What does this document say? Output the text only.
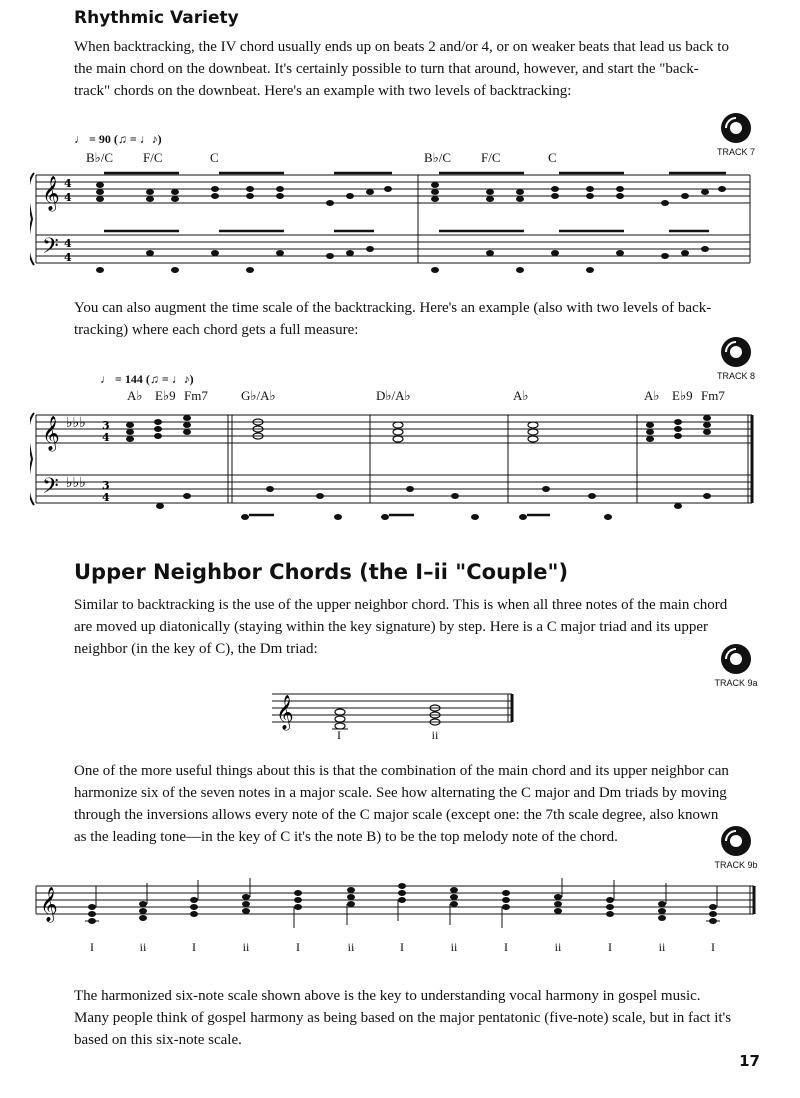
Rhythmic Variety

When backtracking, the IV chord usually ends up on beats 2 and/or 4, or on weaker beats that lead us back to the main chord on the downbeat. It's certainly possible to turn that around, however, and start the "back-track" chords on the downbeat. Here's an example with two levels of backtracking:

TRACK 7
♩ = 90 (♫ = ♩♪)
B♭/C F/C	C	B♭/C F/C	C
𝄞
𝄢
4
4
4
4

You can also augment the time scale of the backtracking. Here's an example (also with two levels of back-tracking) where each chord gets a full measure:

TRACK 8
♩ = 144 (♫ = ♩♪)
A♭ E♭9 Fm7	G♭/A♭	D♭/A♭	A♭	A♭ E♭9 Fm7
𝄞
𝄢
♭♭♭
♭♭♭
3
4
3
4
Upper Neighbor Chords (the I–ii "Couple")

Similar to backtracking is the use of the upper neighbor chord. This is when all three notes of the main chord are moved up diatonically (staying within the key signature) by step. Here is a C major triad and its upper neighbor (in the key of C), the Dm triad:

TRACK 9a
𝄞
I	ii

One of the more useful things about this is that the combination of the main chord and its upper neighbor can harmonize six of the seven notes in a major scale. See how alternating the C major and Dm triads by moving through the inversions allows every note of the C major scale (except one: the 7th scale degree, also known as the leading tone—in the key of C it's the note B) to be the top melody note of the chord.

TRACK 9b
𝄞
I	ii	I	ii	I	ii	I	ii	I	ii	I	ii	I

The harmonized six-note scale shown above is the key to understanding vocal harmony in gospel music. Many people think of gospel harmony as being based on the major pentatonic (five-note) scale, but in fact it's based on this six-note scale.

17
